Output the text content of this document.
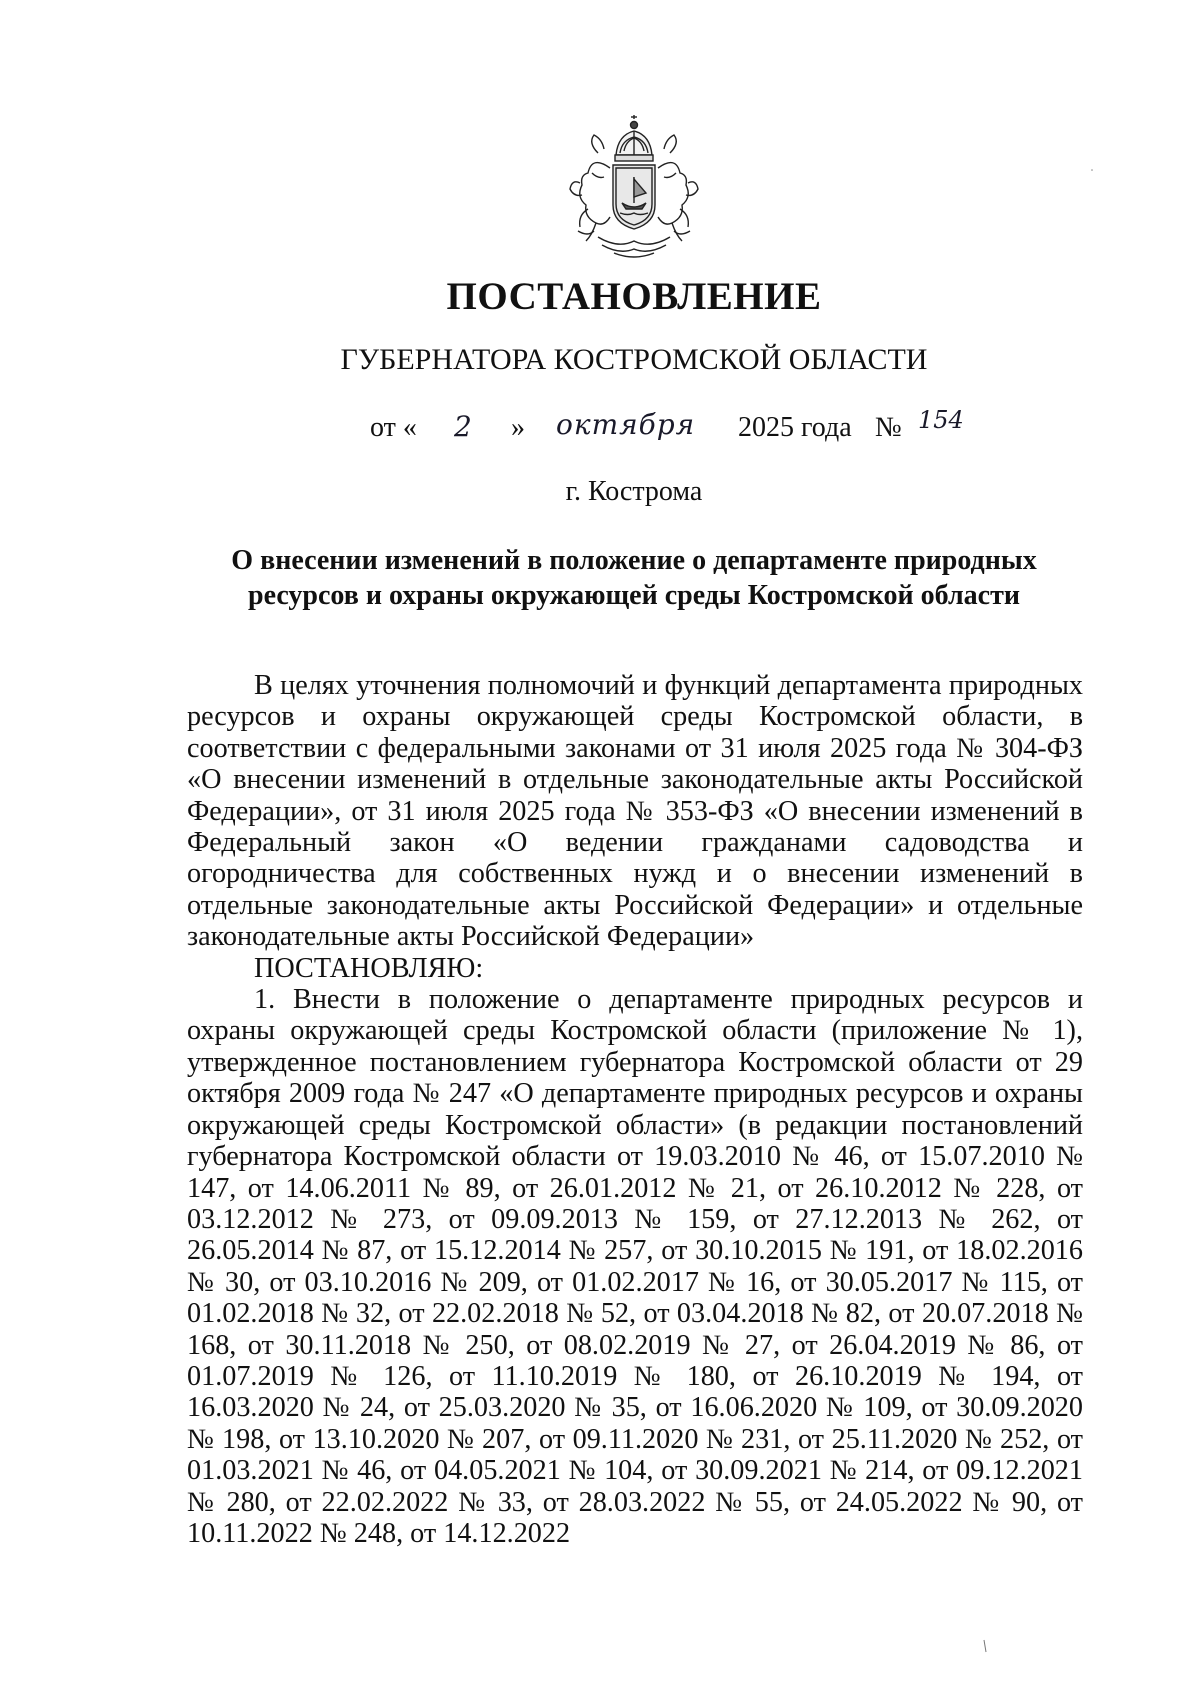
ПОСТАНОВЛЕНИЕ
ГУБЕРНАТОРА КОСТРОМСКОЙ ОБЛАСТИ
от « 2 » октября 2025 года № 154
г. Кострома
О внесении изменений в положение о департаменте природных ресурсов и охраны окружающей среды Костромской области

В целях уточнения полномочий и функций департамента природных ресурсов и охраны окружающей среды Костромской области, в соответствии с федеральными законами от 31 июля 2025 года № 304-ФЗ «О внесении изменений в отдельные законодательные акты Российской Федерации», от 31 июля 2025 года № 353-ФЗ «О внесении изменений в Федеральный закон «О ведении гражданами садоводства и огородничества для собственных нужд и о внесении изменений в отдельные законодательные акты Российской Федерации» и отдельные законодательные акты Российской Федерации»

ПОСТАНОВЛЯЮ:

1. Внести в положение о департаменте природных ресурсов и охраны окружающей среды Костромской области (приложение № 1), утвержденное постановлением губернатора Костромской области от 29 октября 2009 года № 247 «О департаменте природных ресурсов и охраны окружающей среды Костромской области» (в редакции постановлений губернатора Костромской области от 19.03.2010 № 46, от 15.07.2010 № 147, от 14.06.2011 № 89, от 26.01.2012 № 21, от 26.10.2012 № 228, от 03.12.2012 № 273, от 09.09.2013 № 159, от 27.12.2013 № 262, от 26.05.2014 № 87, от 15.12.2014 № 257, от 30.10.2015 № 191, от 18.02.2016 № 30, от 03.10.2016 № 209, от 01.02.2017 № 16, от 30.05.2017 № 115, от 01.02.2018 № 32, от 22.02.2018 № 52, от 03.04.2018 № 82, от 20.07.2018 № 168, от 30.11.2018 № 250, от 08.02.2019 № 27, от 26.04.2019 № 86, от 01.07.2019 № 126, от 11.10.2019 № 180, от 26.10.2019 № 194, от 16.03.2020 № 24, от 25.03.2020 № 35, от 16.06.2020 № 109, от 30.09.2020 № 198, от 13.10.2020 № 207, от 09.11.2020 № 231, от 25.11.2020 № 252, от 01.03.2021 № 46, от 04.05.2021 № 104, от 30.09.2021 № 214, от 09.12.2021 № 280, от 22.02.2022 № 33, от 28.03.2022 № 55, от 24.05.2022 № 90, от 10.11.2022 № 248, от 14.12.2022
